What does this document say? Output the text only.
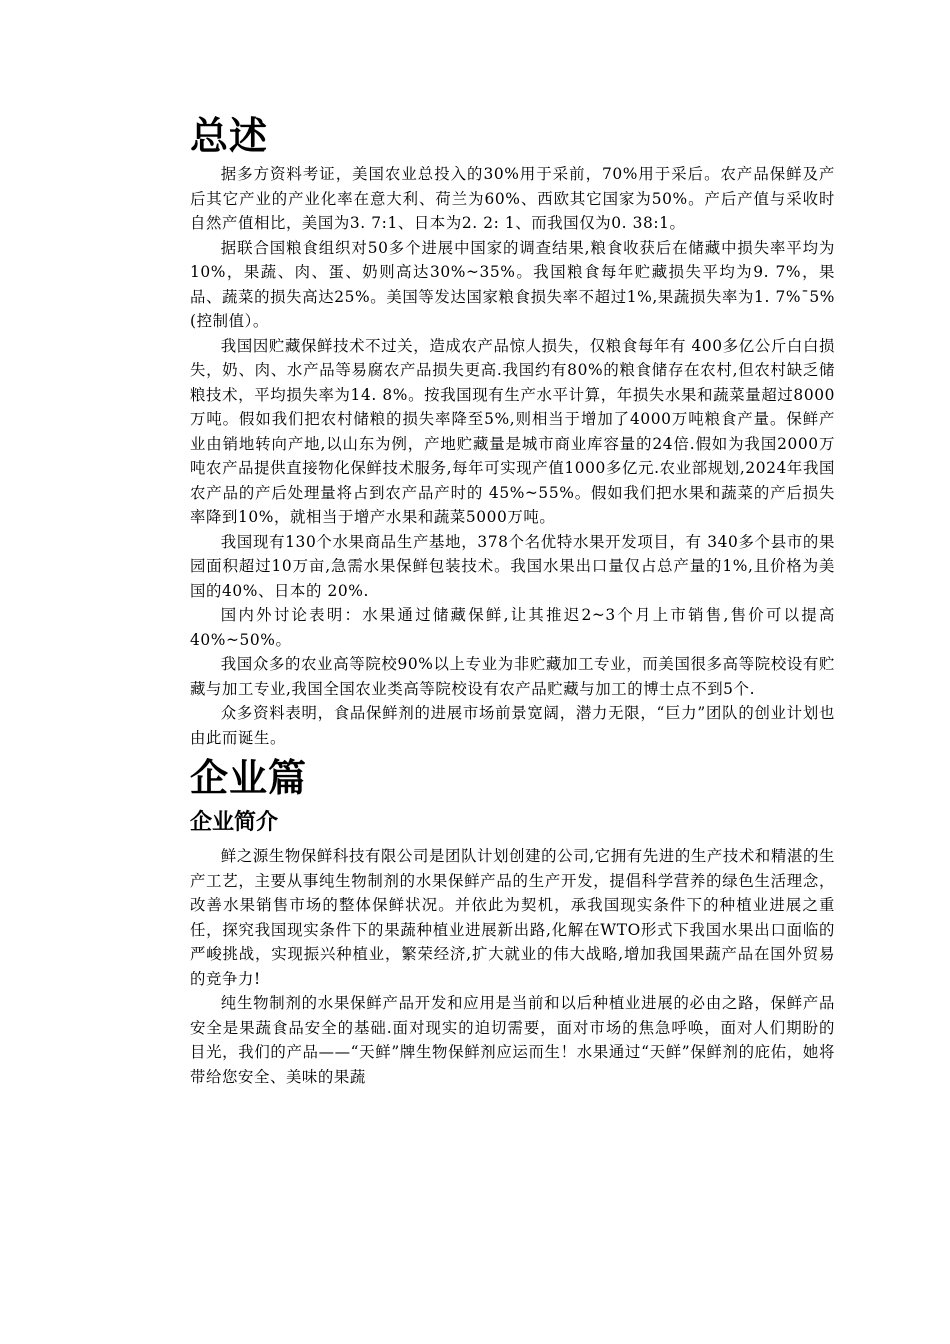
总述

据多方资料考证，美国农业总投入的30%用于采前，70%用于采后。农产品保鲜及产后其它产业的产业化率在意大利、荷兰为60%、西欧其它国家为50%。产后产值与采收时自然产值相比，美国为3. 7:1、日本为2. 2: 1、而我国仅为0. 38:1。

据联合国粮食组织对50多个进展中国家的调查结果,粮食收获后在储藏中损失率平均为10%，果蔬、肉、蛋、奶则高达30%~35%。我国粮食每年贮藏损失平均为9. 7%，果品、蔬菜的损失高达25%。美国等发达国家粮食损失率不超过1%,果蔬损失率为1. 7%¯5%(控制值）。

我国因贮藏保鲜技术不过关，造成农产品惊人损失，仅粮食每年有 400多亿公斤白白损失，奶、肉、水产品等易腐农产品损失更高.我国约有80%的粮食储存在农村,但农村缺乏储粮技术，平均损失率为14. 8%。按我国现有生产水平计算，年损失水果和蔬菜量超过8000万吨。假如我们把农村储粮的损失率降至5%,则相当于增加了4000万吨粮食产量。保鲜产业由销地转向产地,以山东为例，产地贮藏量是城市商业库容量的24倍.假如为我国2000万吨农产品提供直接物化保鲜技术服务,每年可实现产值1000多亿元.农业部规划,2024年我国农产品的产后处理量将占到农产品产时的 45%~55%。假如我们把水果和蔬菜的产后损失率降到10%，就相当于增产水果和蔬菜5000万吨。

我国现有130个水果商品生产基地，378个名优特水果开发项目，有 340多个县市的果园面积超过10万亩,急需水果保鲜包装技术。我国水果出口量仅占总产量的1%,且价格为美国的40%、日本的 20%.

国内外讨论表明：水果通过储藏保鲜,让其推迟2~3个月上市销售,售价可以提高40%~50%。

我国众多的农业高等院校90%以上专业为非贮藏加工专业，而美国很多高等院校设有贮藏与加工专业,我国全国农业类高等院校设有农产品贮藏与加工的博士点不到5个.

众多资料表明，食品保鲜剂的进展市场前景宽阔，潜力无限，“巨力”团队的创业计划也由此而诞生。

企业篇
企业简介

鲜之源生物保鲜科技有限公司是团队计划创建的公司,它拥有先进的生产技术和精湛的生产工艺，主要从事纯生物制剂的水果保鲜产品的生产开发，提倡科学营养的绿色生活理念，改善水果销售市场的整体保鲜状况。并依此为契机，承我国现实条件下的种植业进展之重任，探究我国现实条件下的果蔬种植业进展新出路,化解在WTO形式下我国水果出口面临的严峻挑战，实现振兴种植业，繁荣经济,扩大就业的伟大战略,增加我国果蔬产品在国外贸易的竞争力!

纯生物制剂的水果保鲜产品开发和应用是当前和以后种植业进展的必由之路，保鲜产品安全是果蔬食品安全的基础.面对现实的迫切需要，面对市场的焦急呼唤，面对人们期盼的目光，我们的产品——“天鲜”牌生物保鲜剂应运而生！水果通过“天鲜”保鲜剂的庇佑，她将带给您安全、美味的果蔬
